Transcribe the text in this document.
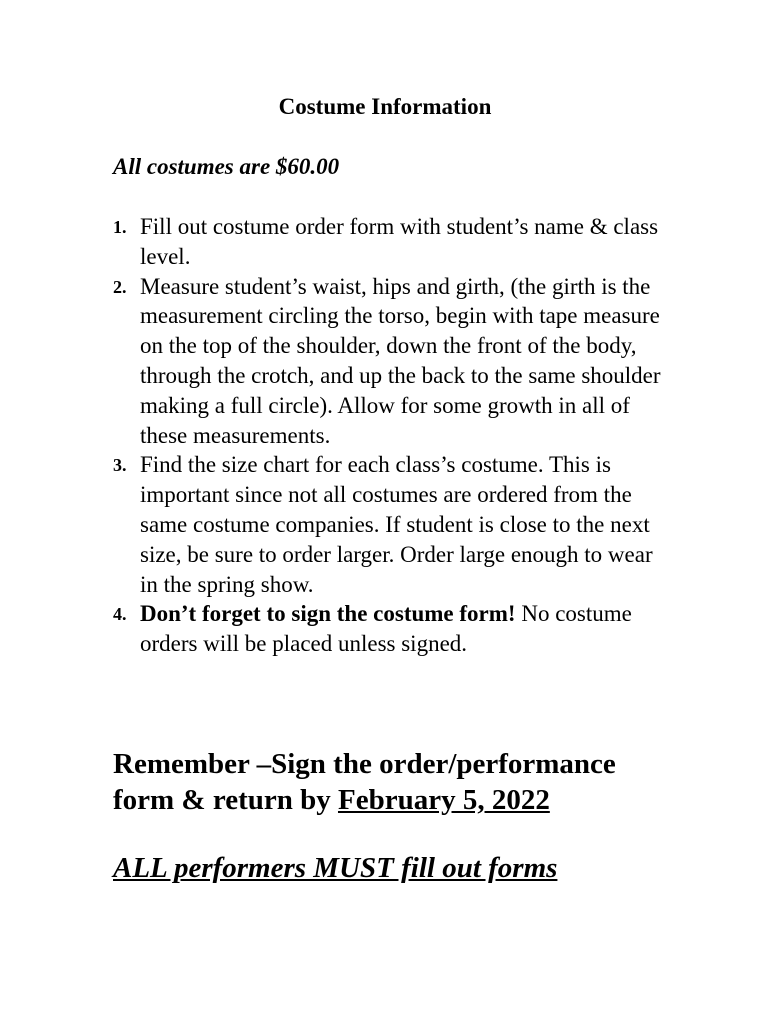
Costume Information
All costumes are $60.00
1. Fill out costume order form with student’s name & class level.
2. Measure student’s waist, hips and girth, (the girth is the measurement circling the torso, begin with tape measure on the top of the shoulder, down the front of the body, through the crotch, and up the back to the same shoulder making a full circle). Allow for some growth in all of these measurements.
3. Find the size chart for each class’s costume. This is important since not all costumes are ordered from the same costume companies. If student is close to the next size, be sure to order larger. Order large enough to wear in the spring show.
4. Don’t forget to sign the costume form! No costume orders will be placed unless signed.
Remember –Sign the order/performance form & return by February 5, 2022
ALL performers MUST fill out forms
